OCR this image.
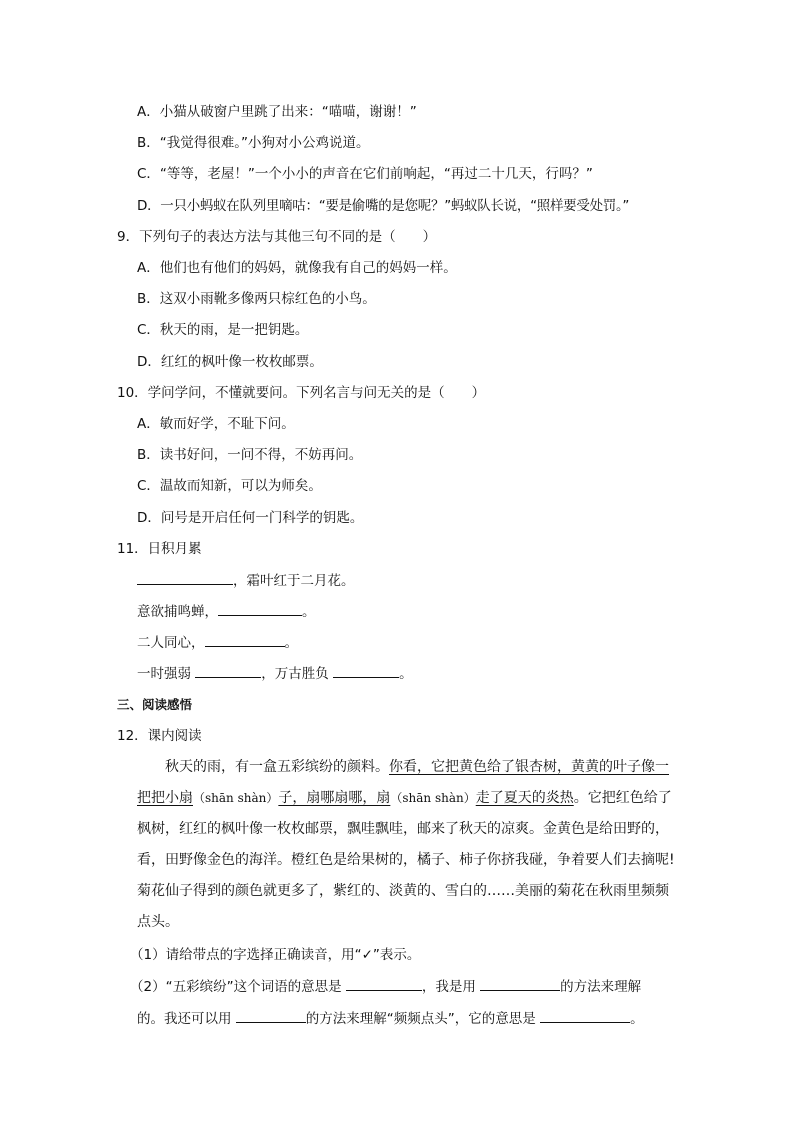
A．小猫从破窗户里跳了出来：“喵喵，谢谢！”
B．“我觉得很难。”小狗对小公鸡说道。
C．“等等，老屋！”一个小小的声音在它们前响起，“再过二十几天，行吗？”
D．一只小蚂蚁在队列里嘀咕：“要是偷嘴的是您呢？”蚂蚁队长说，“照样要受处罚。”
9．下列句子的表达方法与其他三句不同的是（　　）
A．他们也有他们的妈妈，就像我有自己的妈妈一样。
B．这双小雨靴多像两只棕红色的小鸟。
C．秋天的雨，是一把钥匙。
D．红红的枫叶像一枚枚邮票。
10．学问学问，不懂就要问。下列名言与问无关的是（　　）
A．敏而好学，不耻下问。
B．读书好问，一问不得，不妨再问。
C．温故而知新，可以为师矣。
D．问号是开启任何一门科学的钥匙。
11．日积月累
，霜叶红于二月花。
意欲捕鸣蝉，	。
二人同心，	。
一时强弱	，万古胜负	。
三、阅读感悟
12．课内阅读
秋天的雨，有一盒五彩缤纷的颜料。你看，它把黄色给了银杏树，黄黄的叶子像一把把小扇（shān shàn）子，扇哪扇哪，扇（shān shàn）走了夏天的炎热。它把红色给了枫树，红红的枫叶像一枚枚邮票，飘哇飘哇，邮来了秋天的凉爽。金黄色是给田野的，看，田野像金色的海洋。橙红色是给果树的，橘子、柿子你挤我碰，争着要人们去摘呢!菊花仙子得到的颜色就更多了，紫红的、淡黄的、雪白的……美丽的菊花在秋雨里频频点头。
（1）请给带点的字选择正确读音，用“✓”表示。
（2）“五彩缤纷”这个词语的意思是	，我是用	的方法来理解
的。我还可以用	的方法来理解“频频点头”，它的意思是	。
